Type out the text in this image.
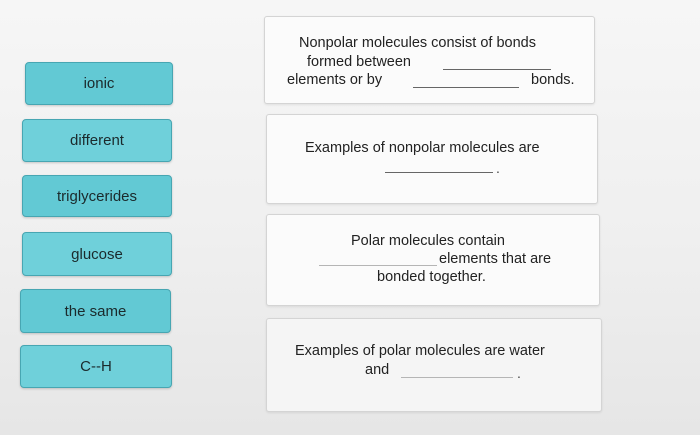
ionic
different
triglycerides
glucose
the same
C--H
Nonpolar molecules consist of bonds
formed between
elements or by	bonds.
Examples of nonpolar molecules are
.
Polar molecules contain
elements that are
bonded together.
Examples of polar molecules are water
and	.
